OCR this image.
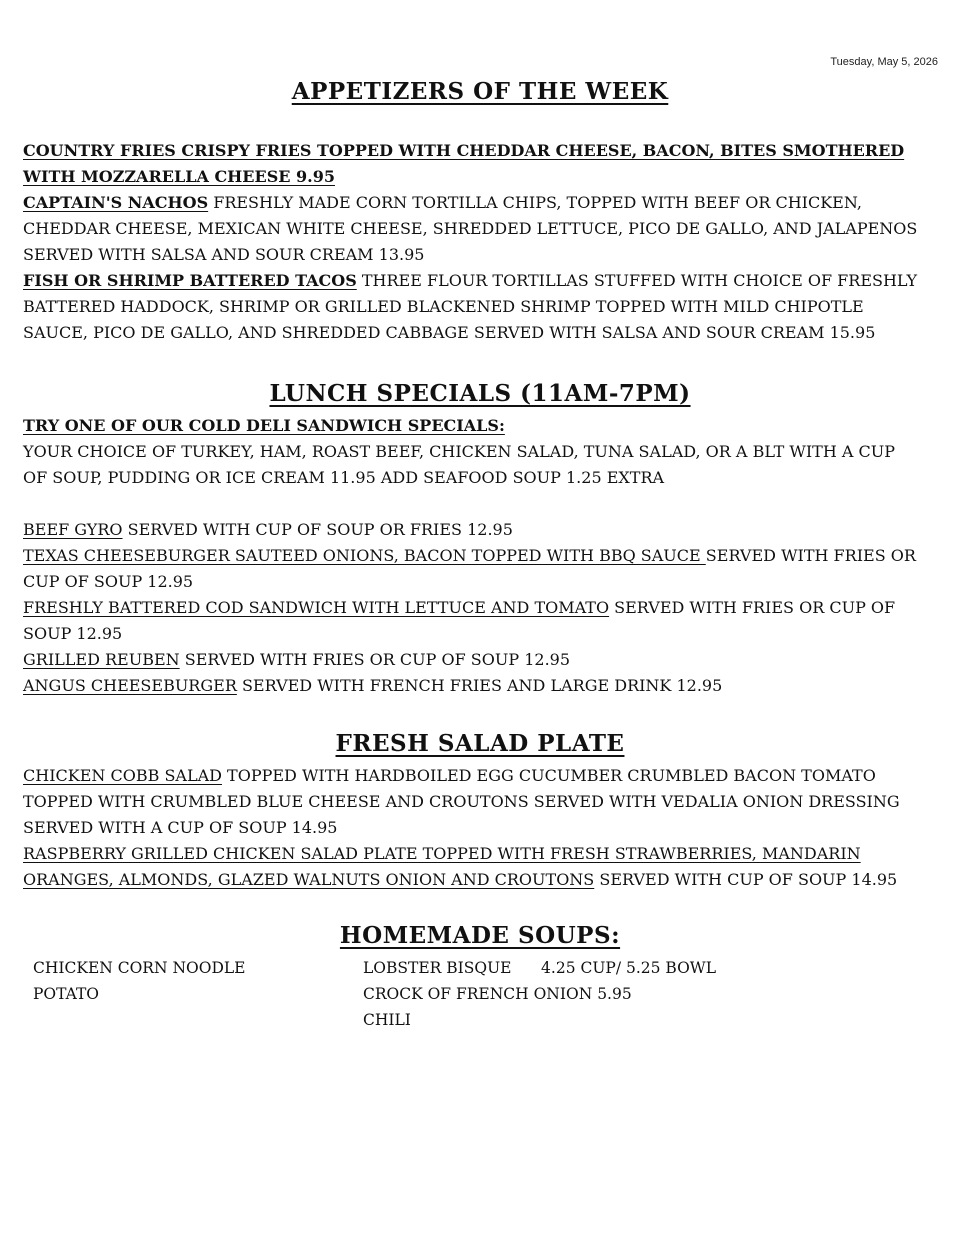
Tuesday, May 5, 2026
APPETIZERS OF THE WEEK

COUNTRY FRIES CRISPY FRIES TOPPED WITH CHEDDAR CHEESE, BACON, BITES SMOTHERED WITH MOZZARELLA CHEESE 9.95

CAPTAIN'S NACHOS FRESHLY MADE CORN TORTILLA CHIPS, TOPPED WITH BEEF OR CHICKEN, CHEDDAR CHEESE, MEXICAN WHITE CHEESE, SHREDDED LETTUCE, PICO DE GALLO, AND JALAPENOS SERVED WITH SALSA AND SOUR CREAM 13.95

FISH OR SHRIMP BATTERED TACOS THREE FLOUR TORTILLAS STUFFED WITH CHOICE OF FRESHLY BATTERED HADDOCK, SHRIMP OR GRILLED BLACKENED SHRIMP TOPPED WITH MILD CHIPOTLE SAUCE, PICO DE GALLO, AND SHREDDED CABBAGE SERVED WITH SALSA AND SOUR CREAM 15.95

LUNCH SPECIALS (11AM-7PM)

TRY ONE OF OUR COLD DELI SANDWICH SPECIALS:

YOUR CHOICE OF TURKEY, HAM, ROAST BEEF, CHICKEN SALAD, TUNA SALAD, OR A BLT WITH A CUP OF SOUP, PUDDING OR ICE CREAM 11.95 ADD SEAFOOD SOUP 1.25 EXTRA

BEEF GYRO SERVED WITH CUP OF SOUP OR FRIES 12.95

TEXAS CHEESEBURGER SAUTEED ONIONS, BACON TOPPED WITH BBQ SAUCE SERVED WITH FRIES OR CUP OF SOUP 12.95

FRESHLY BATTERED COD SANDWICH WITH LETTUCE AND TOMATO SERVED WITH FRIES OR CUP OF SOUP 12.95

GRILLED REUBEN SERVED WITH FRIES OR CUP OF SOUP 12.95

ANGUS CHEESEBURGER SERVED WITH FRENCH FRIES AND LARGE DRINK 12.95

FRESH SALAD PLATE

CHICKEN COBB SALAD TOPPED WITH HARDBOILED EGG CUCUMBER CRUMBLED BACON TOMATO TOPPED WITH CRUMBLED BLUE CHEESE AND CROUTONS SERVED WITH VEDALIA ONION DRESSING SERVED WITH A CUP OF SOUP 14.95

RASPBERRY GRILLED CHICKEN SALAD PLATE TOPPED WITH FRESH STRAWBERRIES, MANDARIN ORANGES, ALMONDS, GLAZED WALNUTS ONION AND CROUTONS SERVED WITH CUP OF SOUP 14.95

HOMEMADE SOUPS:
CHICKEN CORN NOODLE
POTATO
LOBSTER BISQUE      4.25 CUP/ 5.25 BOWL
CROCK OF FRENCH ONION 5.95
CHILI
